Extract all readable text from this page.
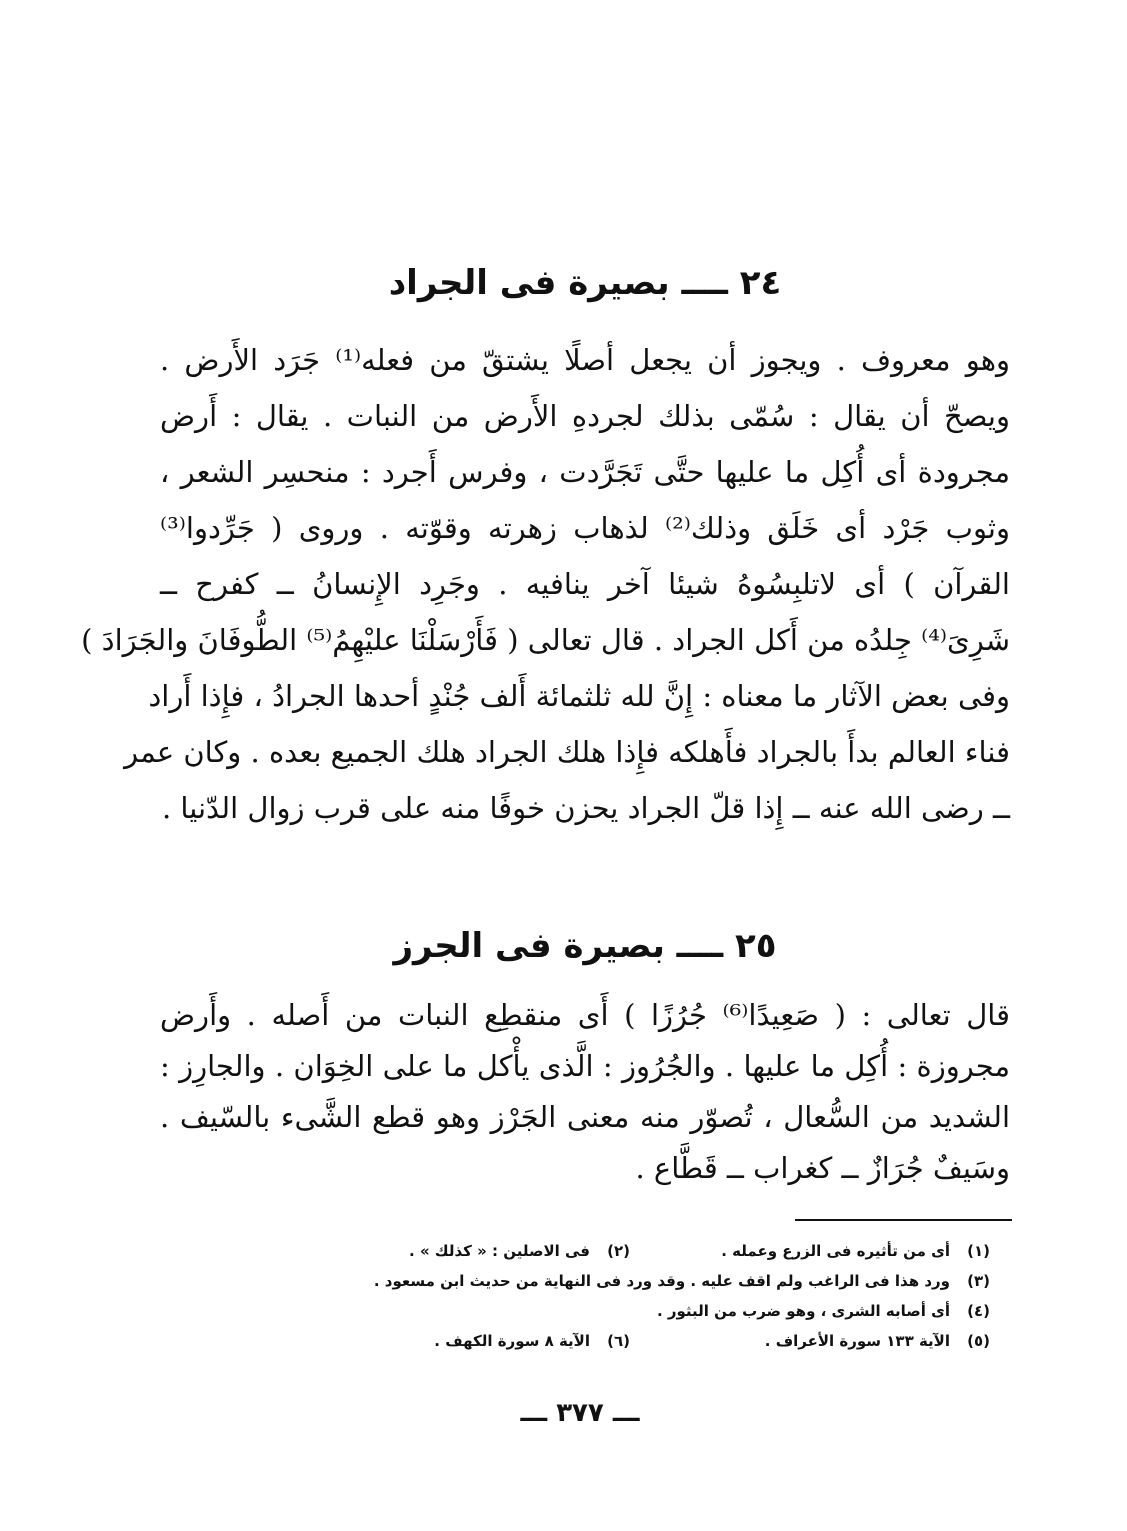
٢٤ ــــ بصيرة فى الجراد
وهو معروف . ويجوز أن يجعل أصلًا يشتقّ من فعله⁽¹⁾ جَرَد الأَرض .
ويصحّ أن يقال : سُمّى بذلك لجردهِ الأَرض من النبات . يقال : أَرض
مجرودة أى أُكِل ما عليها حتَّى تَجَرَّدت ، وفرس أَجرد : منحسِر الشعر ،
وثوب جَرْد أى خَلَق وذلك⁽²⁾ لذهاب زهرته وقوّته . وروى ( جَرِّدوا⁽³⁾
القرآن ) أى لاتلبِسُوهُ شيئا آخر ينافيه . وجَرِد الإِنسانُ ــ كفرح ــ
شَرِىَ⁽⁴⁾ جِلدُه من أَكل الجراد . قال تعالى ( فَأَرْسَلْنَا عليْهِمُ⁽⁵⁾ الطُّوفَانَ والجَرَادَ )
وفى بعض الآثار ما معناه : إِنَّ لله ثلثمائة أَلف جُنْدٍ أحدها الجرادُ ، فإِذا أَراد
فناء العالم بدأَ بالجراد فأَهلكه فإِذا هلك الجراد هلك الجميع بعده . وكان عمر
ــ رضى الله عنه ــ إِذا قلّ الجراد يحزن خوفًا منه على قرب زوال الدّنيا .
٢٥ ــــ بصيرة فى الجرز
قال تعالى : ( صَعِيدًا⁽⁶⁾ جُرُزًا ) أَى منقطِع النبات من أَصله . وأَرض
مجروزة : أُكِل ما عليها . والجُرُوز : الَّذى يأْكل ما على الخِوَان . والجارِز :
الشديد من السُّعال ، تُصوّر منه معنى الجَرْز وهو قطع الشَّىء بالسّيف .
وسَيفٌ جُرَازٌ ــ كغراب ــ قَطَّاع .
(١)
أى من تأثيره فى الزرع وعمله .
(٢)
فى الاصلين : « كذلك » .
(٣)
ورد هذا فى الراغب ولم اقف عليه . وقد ورد فى النهاية من حديث ابن مسعود .
(٤)
أى أصابه الشرى ، وهو ضرب من البثور .
(٥)
الآية ١٣٣ سورة الأعراف .
(٦)
الآية ٨ سورة الكهف .
ـــ ٣٧٧ ـــ
